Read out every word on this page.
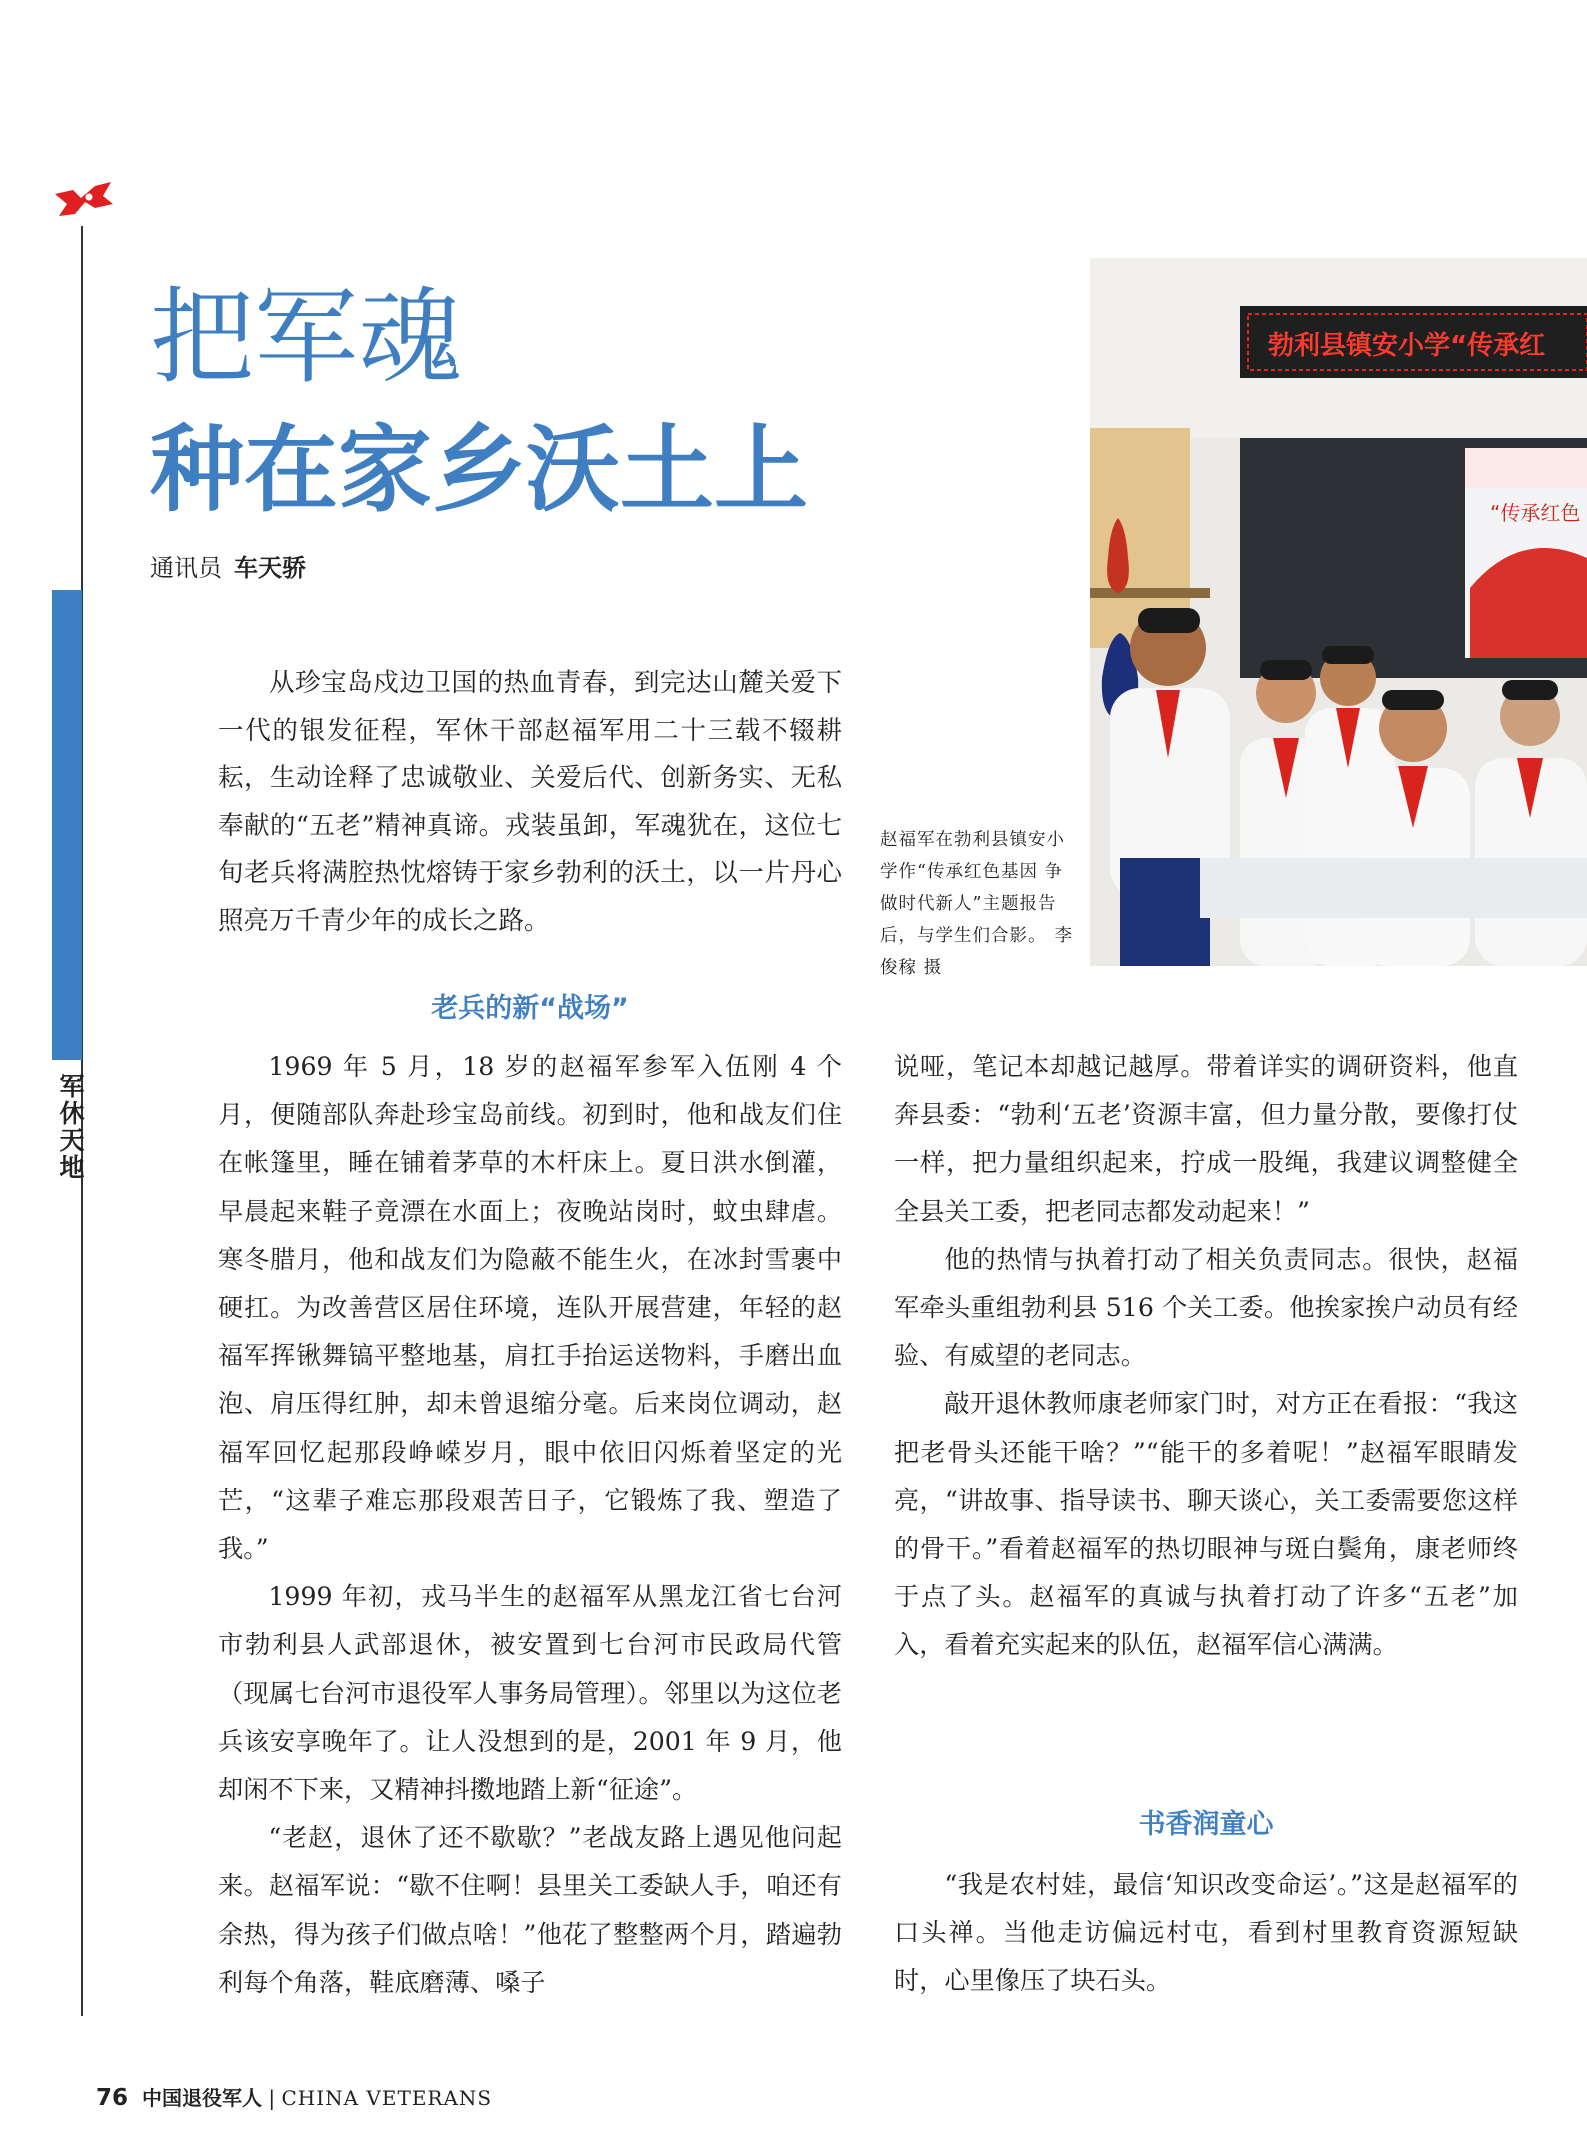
军休天地
把军魂
种在家乡沃土上
通讯员 车天骄
“传承红色
勃利县镇安小学“传承红
赵福军在勃利县镇安小学作“传承红色基因 争做时代新人”主题报告后，与学生们合影。 李俊稼 摄

从珍宝岛戍边卫国的热血青春，到完达山麓关爱下一代的银发征程，军休干部赵福军用二十三载不辍耕耘，生动诠释了忠诚敬业、关爱后代、创新务实、无私奉献的“五老”精神真谛。戎装虽卸，军魂犹在，这位七旬老兵将满腔热忱熔铸于家乡勃利的沃土，以一片丹心照亮万千青少年的成长之路。

老兵的新“战场”

1969 年 5 月，18 岁的赵福军参军入伍刚 4 个月，便随部队奔赴珍宝岛前线。初到时，他和战友们住在帐篷里，睡在铺着茅草的木杆床上。夏日洪水倒灌，早晨起来鞋子竟漂在水面上；夜晚站岗时，蚊虫肆虐。寒冬腊月，他和战友们为隐蔽不能生火，在冰封雪裹中硬扛。为改善营区居住环境，连队开展营建，年轻的赵福军挥锹舞镐平整地基，肩扛手抬运送物料，手磨出血泡、肩压得红肿，却未曾退缩分毫。后来岗位调动，赵福军回忆起那段峥嵘岁月，眼中依旧闪烁着坚定的光芒，“这辈子难忘那段艰苦日子，它锻炼了我、塑造了我。”

1999 年初，戎马半生的赵福军从黑龙江省七台河市勃利县人武部退休，被安置到七台河市民政局代管（现属七台河市退役军人事务局管理）。邻里以为这位老兵该安享晚年了。让人没想到的是，2001 年 9 月，他却闲不下来，又精神抖擞地踏上新“征途”。

“老赵，退休了还不歇歇？”老战友路上遇见他问起来。赵福军说：“歇不住啊！县里关工委缺人手，咱还有余热，得为孩子们做点啥！”他花了整整两个月，踏遍勃利每个角落，鞋底磨薄、嗓子

说哑，笔记本却越记越厚。带着详实的调研资料，他直奔县委：“勃利‘五老’资源丰富，但力量分散，要像打仗一样，把力量组织起来，拧成一股绳，我建议调整健全全县关工委，把老同志都发动起来！”

他的热情与执着打动了相关负责同志。很快，赵福军牵头重组勃利县 516 个关工委。他挨家挨户动员有经验、有威望的老同志。

敲开退休教师康老师家门时，对方正在看报：“我这把老骨头还能干啥？”“能干的多着呢！”赵福军眼睛发亮，“讲故事、指导读书、聊天谈心，关工委需要您这样的骨干。”看着赵福军的热切眼神与斑白鬓角，康老师终于点了头。赵福军的真诚与执着打动了许多“五老”加入，看着充实起来的队伍，赵福军信心满满。

书香润童心

“我是农村娃，最信‘知识改变命运’。”这是赵福军的口头禅。当他走访偏远村屯，看到村里教育资源短缺时，心里像压了块石头。

76 中国退役军人 | CHINA VETERANS
